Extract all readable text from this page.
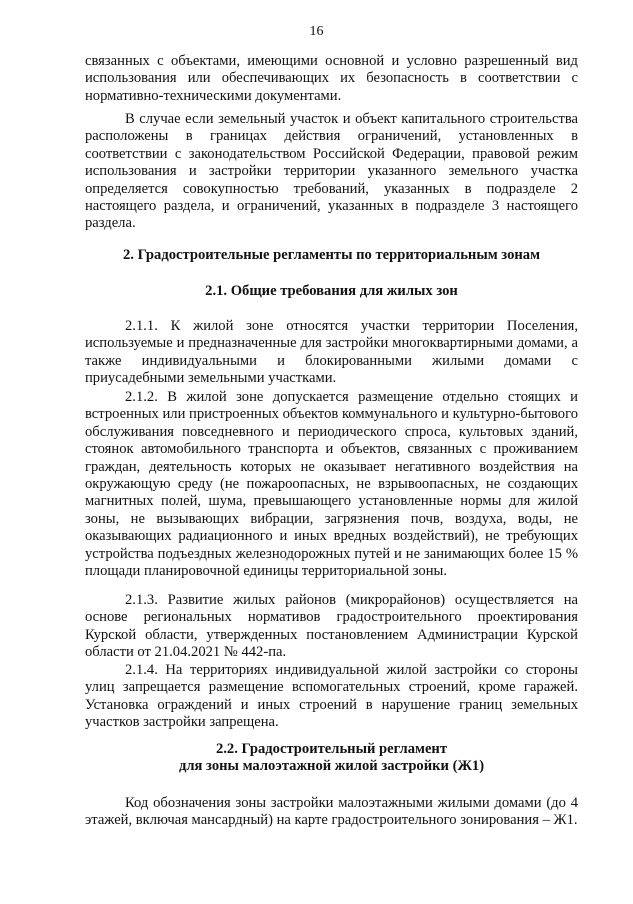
16

связанных с объектами, имеющими основной и условно разрешенный вид использования или обеспечивающих их безопасность в соответствии с нормативно-техническими документами.

В случае если земельный участок и объект капитального строительства расположены в границах действия ограничений, установленных в соответствии с законодательством Российской Федерации, правовой режим использования и застройки территории указанного земельного участка определяется совокупностью требований, указанных в подразделе 2 настоящего раздела, и ограничений, указанных в подразделе 3 настоящего раздела.

2. Градостроительные регламенты по территориальным зонам

2.1. Общие требования для жилых зон

2.1.1. К жилой зоне относятся участки территории Поселения, используемые и предназначенные для застройки многоквартирными домами, а также индивидуальными и блокированными жилыми домами с приусадебными земельными участками.

2.1.2. В жилой зоне допускается размещение отдельно стоящих и встроенных или пристроенных объектов коммунального и культурно-бытового обслуживания повседневного и периодического спроса, культовых зданий, стоянок автомобильного транспорта и объектов, связанных с проживанием граждан, деятельность которых не оказывает негативного воздействия на окружающую среду (не пожароопасных, не взрывоопасных, не создающих магнитных полей, шума, превышающего установленные нормы для жилой зоны, не вызывающих вибрации, загрязнения почв, воздуха, воды, не оказывающих радиационного и иных вредных воздействий), не требующих устройства подъездных железнодорожных путей и не занимающих более 15 % площади планировочной единицы территориальной зоны.

2.1.3. Развитие жилых районов (микрорайонов) осуществляется на основе региональных нормативов градостроительного проектирования Курской области, утвержденных постановлением Администрации Курской области от 21.04.2021 № 442-па.

2.1.4. На территориях индивидуальной жилой застройки со стороны улиц запрещается размещение вспомогательных строений, кроме гаражей. Установка ограждений и иных строений в нарушение границ земельных участков застройки запрещена.

2.2. Градостроительный регламент

для зоны малоэтажной жилой застройки (Ж1)

Код обозначения зоны застройки малоэтажными жилыми домами (до 4 этажей, включая мансардный) на карте градостроительного зонирования – Ж1.
